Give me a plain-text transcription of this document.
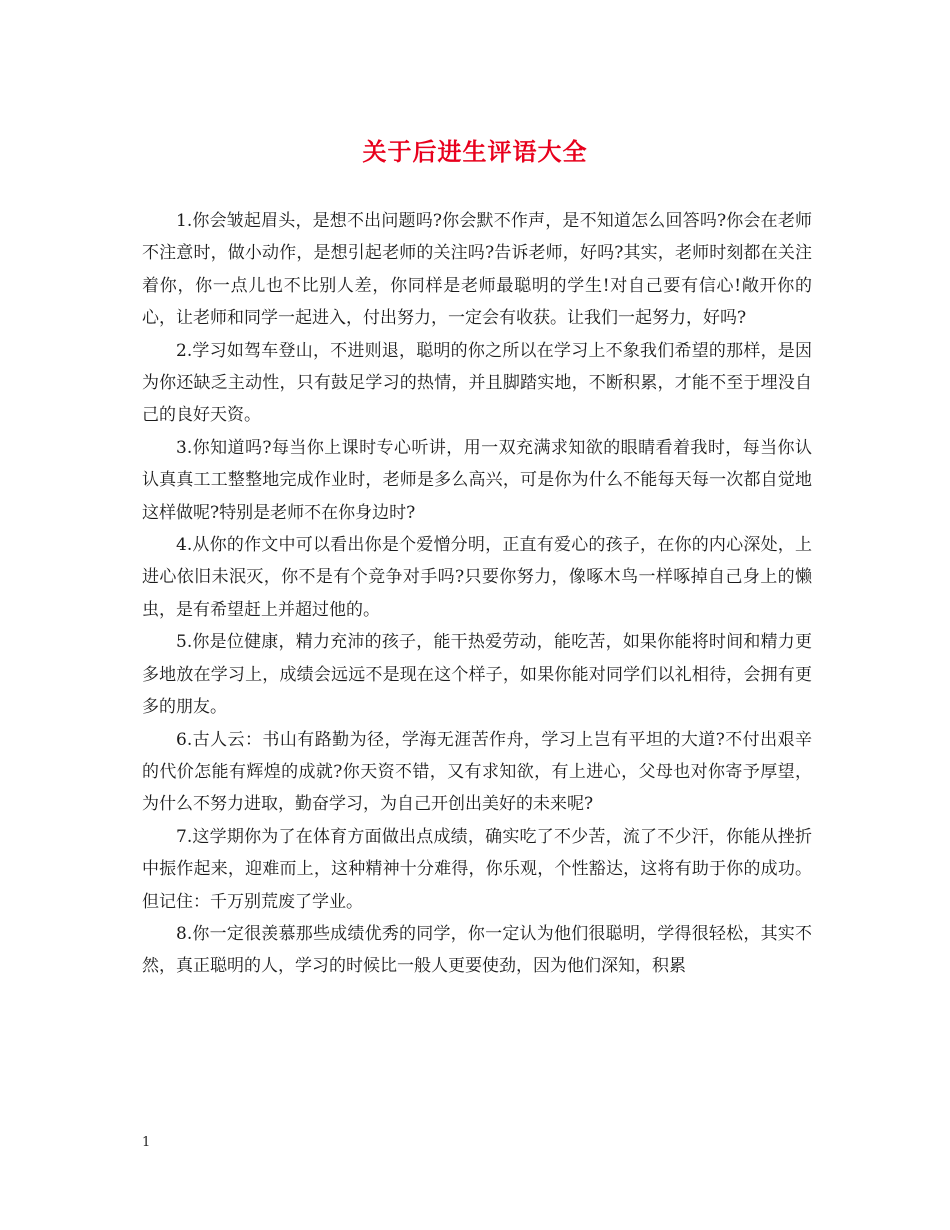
关于后进生评语大全

1.你会皱起眉头，是想不出问题吗?你会默不作声，是不知道怎么回答吗?你会在老师不注意时，做小动作，是想引起老师的关注吗?告诉老师，好吗?其实，老师时刻都在关注着你，你一点儿也不比别人差，你同样是老师最聪明的学生!对自己要有信心!敞开你的心，让老师和同学一起进入，付出努力，一定会有收获。让我们一起努力，好吗?

2.学习如驾车登山，不进则退，聪明的你之所以在学习上不象我们希望的那样，是因为你还缺乏主动性，只有鼓足学习的热情，并且脚踏实地，不断积累，才能不至于埋没自己的良好天资。

3.你知道吗?每当你上课时专心听讲，用一双充满求知欲的眼睛看着我时，每当你认认真真工工整整地完成作业时，老师是多么高兴，可是你为什么不能每天每一次都自觉地这样做呢?特别是老师不在你身边时?

4.从你的作文中可以看出你是个爱憎分明，正直有爱心的孩子，在你的内心深处，上进心依旧未泯灭，你不是有个竞争对手吗?只要你努力，像啄木鸟一样啄掉自己身上的懒虫，是有希望赶上并超过他的。

5.你是位健康，精力充沛的孩子，能干热爱劳动，能吃苦，如果你能将时间和精力更多地放在学习上，成绩会远远不是现在这个样子，如果你能对同学们以礼相待，会拥有更多的朋友。

6.古人云：书山有路勤为径，学海无涯苦作舟，学习上岂有平坦的大道?不付出艰辛的代价怎能有辉煌的成就?你天资不错，又有求知欲，有上进心，父母也对你寄予厚望，为什么不努力进取，勤奋学习，为自己开创出美好的未来呢?

7.这学期你为了在体育方面做出点成绩，确实吃了不少苦，流了不少汗，你能从挫折中振作起来，迎难而上，这种精神十分难得，你乐观，个性豁达，这将有助于你的成功。但记住：千万别荒废了学业。

8.你一定很羡慕那些成绩优秀的同学，你一定认为他们很聪明，学得很轻松，其实不然，真正聪明的人，学习的时候比一般人更要使劲，因为他们深知，积累

1
